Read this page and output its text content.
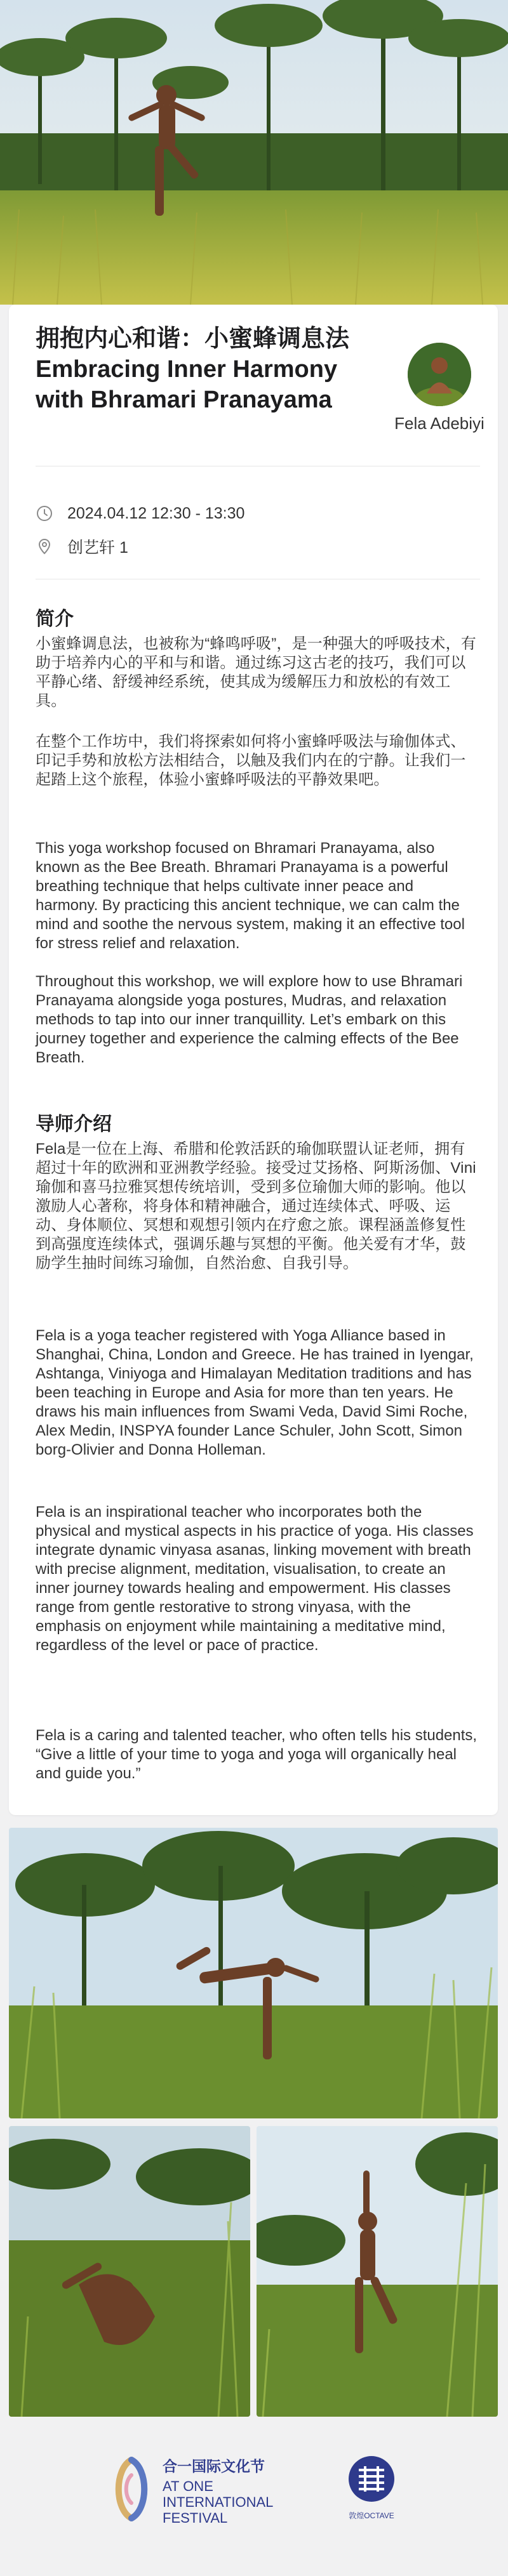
拥抱内心和谐：小蜜蜂调息法 Embracing Inner Harmony with Bhramari Pranayama
Fela Adebiyi
2024.04.12 12:30 - 13:30
创艺轩 1
简介

小蜜蜂调息法，也被称为“蜂鸣呼吸”，是一种强大的呼吸技术，有助于培养内心的平和与和谐。通过练习这古老的技巧，我们可以平静心绪、舒缓神经系统，使其成为缓解压力和放松的有效工具。

在整个工作坊中，我们将探索如何将小蜜蜂呼吸法与瑜伽体式、印记手势和放松方法相结合，以触及我们内在的宁静。让我们一起踏上这个旅程，体验小蜜蜂呼吸法的平静效果吧。

This yoga workshop focused on Bhramari Pranayama, also known as the Bee Breath. Bhramari Pranayama is a powerful breathing technique that helps cultivate inner peace and harmony. By practicing this ancient technique, we can calm the mind and soothe the nervous system, making it an effective tool for stress relief and relaxation.

Throughout this workshop, we will explore how to use Bhramari Pranayama alongside yoga postures, Mudras, and relaxation methods to tap into our inner tranquillity. Let’s embark on this journey together and experience the calming effects of the Bee Breath.

导师介绍

Fela是一位在上海、希腊和伦敦活跃的瑜伽联盟认证老师，拥有超过十年的欧洲和亚洲教学经验。接受过艾扬格、阿斯汤伽、Vini瑜伽和喜马拉雅冥想传统培训，受到多位瑜伽大师的影响。他以激励人心著称，将身体和精神融合，通过连续体式、呼吸、运动、身体顺位、冥想和观想引领内在疗愈之旅。课程涵盖修复性到高强度连续体式，强调乐趣与冥想的平衡。他关爱有才华，鼓励学生抽时间练习瑜伽，自然治愈、自我引导。

Fela is a yoga teacher registered with Yoga Alliance based in Shanghai, China, London and Greece. He has trained in Iyengar, Ashtanga, Viniyoga and Himalayan Meditation traditions and has been teaching in Europe and Asia for more than ten years. He draws his main influences from Swami Veda, David Simi Roche, Alex Medin, INSPYA founder Lance Schuler, John Scott, Simon borg-Olivier and Donna Holleman.

Fela is an inspirational teacher who incorporates both the physical and mystical aspects in his practice of yoga. His classes integrate dynamic vinyasa asanas, linking movement with breath with precise alignment, meditation, visualisation, to create an inner journey towards healing and empowerment. His classes range from gentle restorative to strong vinyasa, with the emphasis on enjoyment while maintaining a meditative mind, regardless of the level or pace of practice.

Fela is a caring and talented teacher, who often tells his students, “Give a little of your time to yoga and yoga will organically heal and guide you.”

合一国际文化节
AT ONE
INTERNATIONAL
FESTIVAL	敦煌OCTAVE
